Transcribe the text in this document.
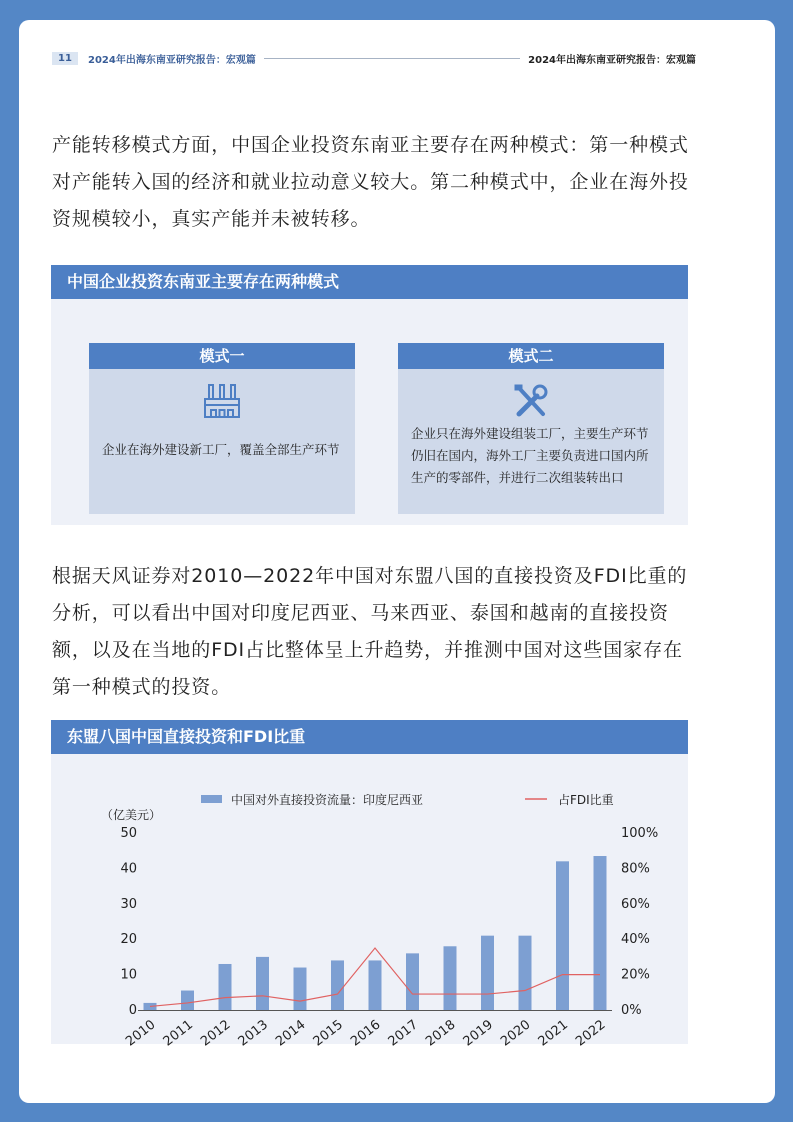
11	2024年出海东南亚研究报告：宏观篇	2024年出海东南亚研究报告：宏观篇

产能转移模式方面，中国企业投资东南亚主要存在两种模式：第一种模式对产能转入国的经济和就业拉动意义较大。第二种模式中，企业在海外投资规模较小，真实产能并未被转移。

中国企业投资东南亚主要存在两种模式
模式一
企业在海外建设新工厂，覆盖全部生产环节
模式二
企业只在海外建设组装工厂，主要生产环节仍旧在国内，海外工厂主要负责进口国内所生产的零部件，并进行二次组装转出口

根据天风证券对2010—2022年中国对东盟八国的直接投资及FDI比重的分析，可以看出中国对印度尼西亚、马来西亚、泰国和越南的直接投资额，以及在当地的FDI占比整体呈上升趋势，并推测中国对这些国家存在第一种模式的投资。

东盟八国中国直接投资和FDI比重
中国对外直接投资流量：印度尼西亚	占FDI比重
（亿美元）
0
10
20
30
40
50
0%
20%
40%
60%
80%
100%
2010 2011 2012 2013 2014 2015 2016 2017 2018 2019 2020 2021 2022
